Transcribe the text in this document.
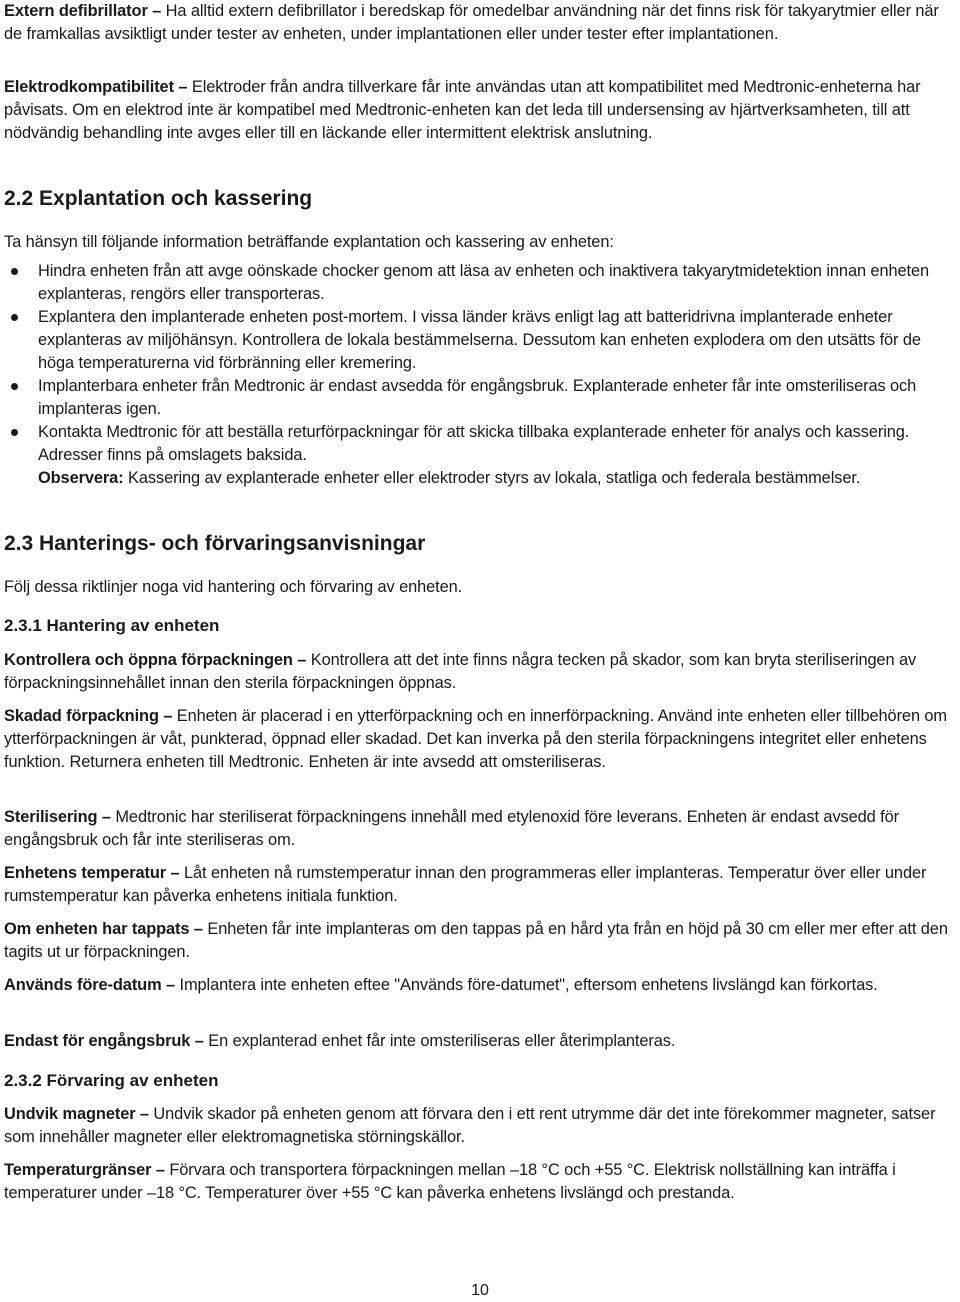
Extern defibrillator – Ha alltid extern defibrillator i beredskap för omedelbar användning när det finns risk för takyarytmier eller när de framkallas avsiktligt under tester av enheten, under implantationen eller under tester efter implantationen.

Elektrodkompatibilitet – Elektroder från andra tillverkare får inte användas utan att kompatibilitet med Medtronic-enheterna har påvisats. Om en elektrod inte är kompatibel med Medtronic-enheten kan det leda till undersensing av hjärtverksamheten, till att nödvändig behandling inte avges eller till en läckande eller intermittent elektrisk anslutning.

2.2 Explantation och kassering

Ta hänsyn till följande information beträffande explantation och kassering av enheten:

Hindra enheten från att avge oönskade chocker genom att läsa av enheten och inaktivera takyarytmidetektion innan enheten explanteras, rengörs eller transporteras.
Explantera den implanterade enheten post-mortem. I vissa länder krävs enligt lag att batteridrivna implanterade enheter explanteras av miljöhänsyn. Kontrollera de lokala bestämmelserna. Dessutom kan enheten explodera om den utsätts för de höga temperaturerna vid förbränning eller kremering.
Implanterbara enheter från Medtronic är endast avsedda för engångsbruk. Explanterade enheter får inte omsteriliseras och implanteras igen.
Kontakta Medtronic för att beställa returförpackningar för att skicka tillbaka explanterade enheter för analys och kassering. Adresser finns på omslagets baksida.

Observera: Kassering av explanterade enheter eller elektroder styrs av lokala, statliga och federala bestämmelser.

2.3 Hanterings- och förvaringsanvisningar

Följ dessa riktlinjer noga vid hantering och förvaring av enheten.

2.3.1 Hantering av enheten

Kontrollera och öppna förpackningen – Kontrollera att det inte finns några tecken på skador, som kan bryta steriliseringen av förpackningsinnehållet innan den sterila förpackningen öppnas.

Skadad förpackning – Enheten är placerad i en ytterförpackning och en innerförpackning. Använd inte enheten eller tillbehören om ytterförpackningen är våt, punkterad, öppnad eller skadad. Det kan inverka på den sterila förpackningens integritet eller enhetens funktion. Returnera enheten till Medtronic. Enheten är inte avsedd att omsteriliseras.

Sterilisering – Medtronic har steriliserat förpackningens innehåll med etylenoxid före leverans. Enheten är endast avsedd för engångsbruk och får inte steriliseras om.

Enhetens temperatur – Låt enheten nå rumstemperatur innan den programmeras eller implanteras. Temperatur över eller under rumstemperatur kan påverka enhetens initiala funktion.

Om enheten har tappats – Enheten får inte implanteras om den tappas på en hård yta från en höjd på 30 cm eller mer efter att den tagits ut ur förpackningen.

Används före-datum – Implantera inte enheten eftee "Används före-datumet", eftersom enhetens livslängd kan förkortas.

Endast för engångsbruk – En explanterad enhet får inte omsteriliseras eller återimplanteras.

2.3.2 Förvaring av enheten

Undvik magneter – Undvik skador på enheten genom att förvara den i ett rent utrymme där det inte förekommer magneter, satser som innehåller magneter eller elektromagnetiska störningskällor.

Temperaturgränser – Förvara och transportera förpackningen mellan –18 °C och +55 °C. Elektrisk nollställning kan inträffa i temperaturer under –18 °C. Temperaturer över +55 °C kan påverka enhetens livslängd och prestanda.

10
